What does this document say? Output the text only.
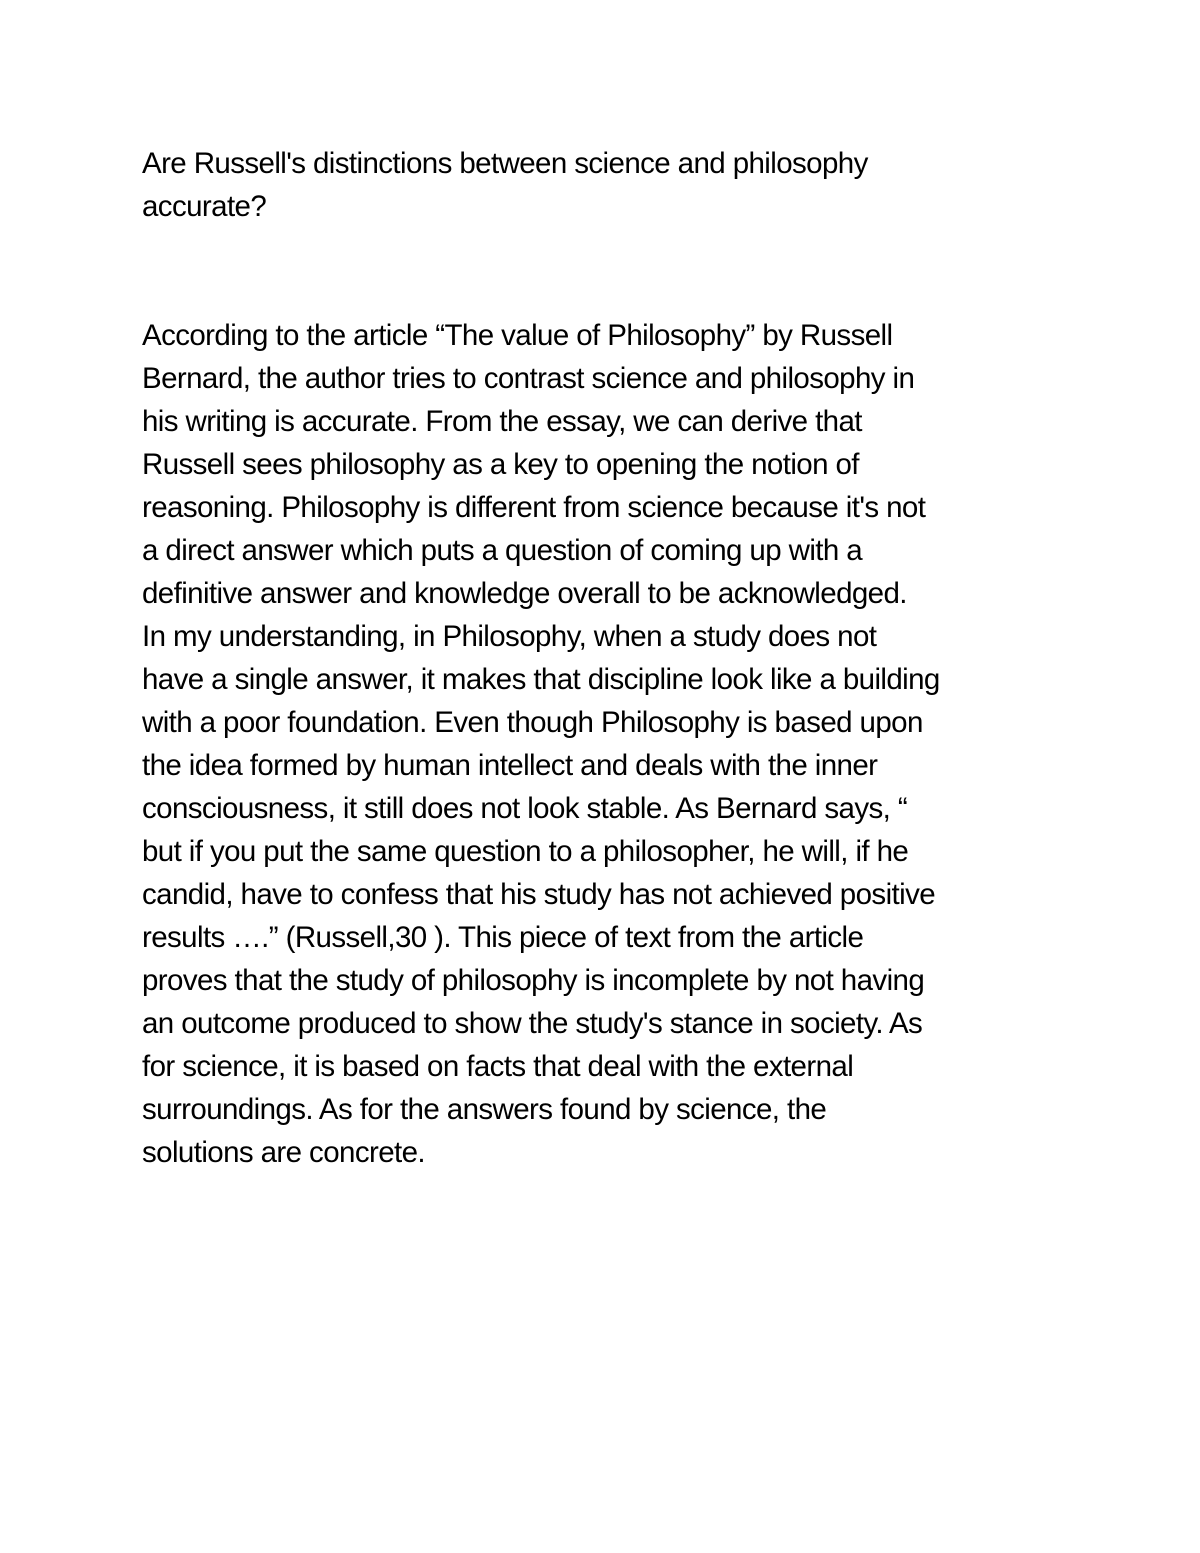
Are Russell's distinctions between science and philosophy
accurate?
According to the article “The value of Philosophy” by Russell
Bernard, the author tries to contrast science and philosophy in
his writing is accurate. From the essay, we can derive that
Russell sees philosophy as a key to opening the notion of
reasoning. Philosophy is different from science because it's not
a direct answer which puts a question of coming up with a
definitive answer and knowledge overall to be acknowledged.
In my understanding, in Philosophy, when a study does not
have a single answer, it makes that discipline look like a building
with a poor foundation. Even though Philosophy is based upon
the idea formed by human intellect and deals with the inner
consciousness, it still does not look stable. As Bernard says, “
but if you put the same question to a philosopher, he will, if he
candid, have to confess that his study has not achieved positive
results ….” (Russell,30 ). This piece of text from the article
proves that the study of philosophy is incomplete by not having
an outcome produced to show the study's stance in society. As
for science, it is based on facts that deal with the external
surroundings. As for the answers found by science, the
solutions are concrete.
